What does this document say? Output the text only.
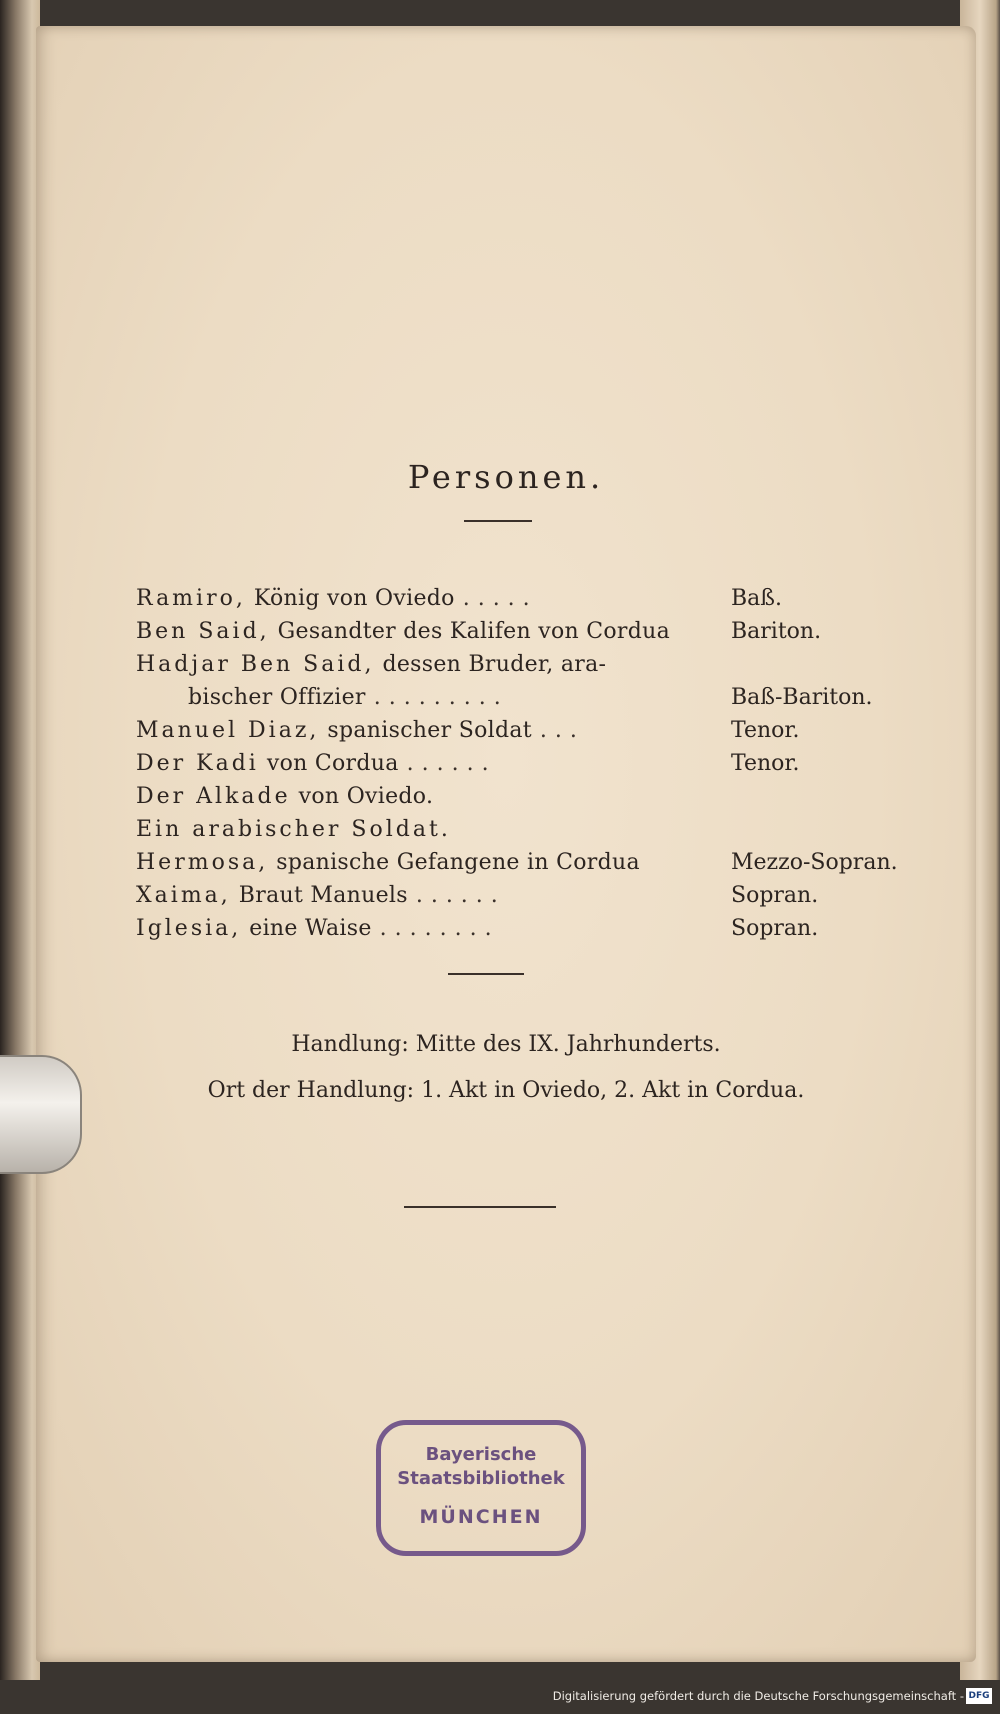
Personen.
Ramiro, König von Oviedo .....	Baß.
Ben Said, Gesandter des Kalifen von Cordua	Bariton.
Hadjar Ben Said, dessen Bruder, ara-
bischer Offizier .........	Baß-Bariton.
Manuel Diaz, spanischer Soldat ...	Tenor.
Der Kadi von Cordua ......	Tenor.
Der Alkade von Oviedo.
Ein arabischer Soldat.
Hermosa, spanische Gefangene in Cordua	Mezzo-Sopran.
Xaima, Braut Manuels ......	Sopran.
Iglesia, eine Waise ........	Sopran.
Handlung: Mitte des IX. Jahrhunderts.
Ort der Handlung: 1. Akt in Oviedo, 2. Akt in Cordua.
Bayerische
Staatsbibliothek
MÜNCHEN
Digitalisierung gefördert durch die Deutsche Forschungsgemeinschaft - DFG
